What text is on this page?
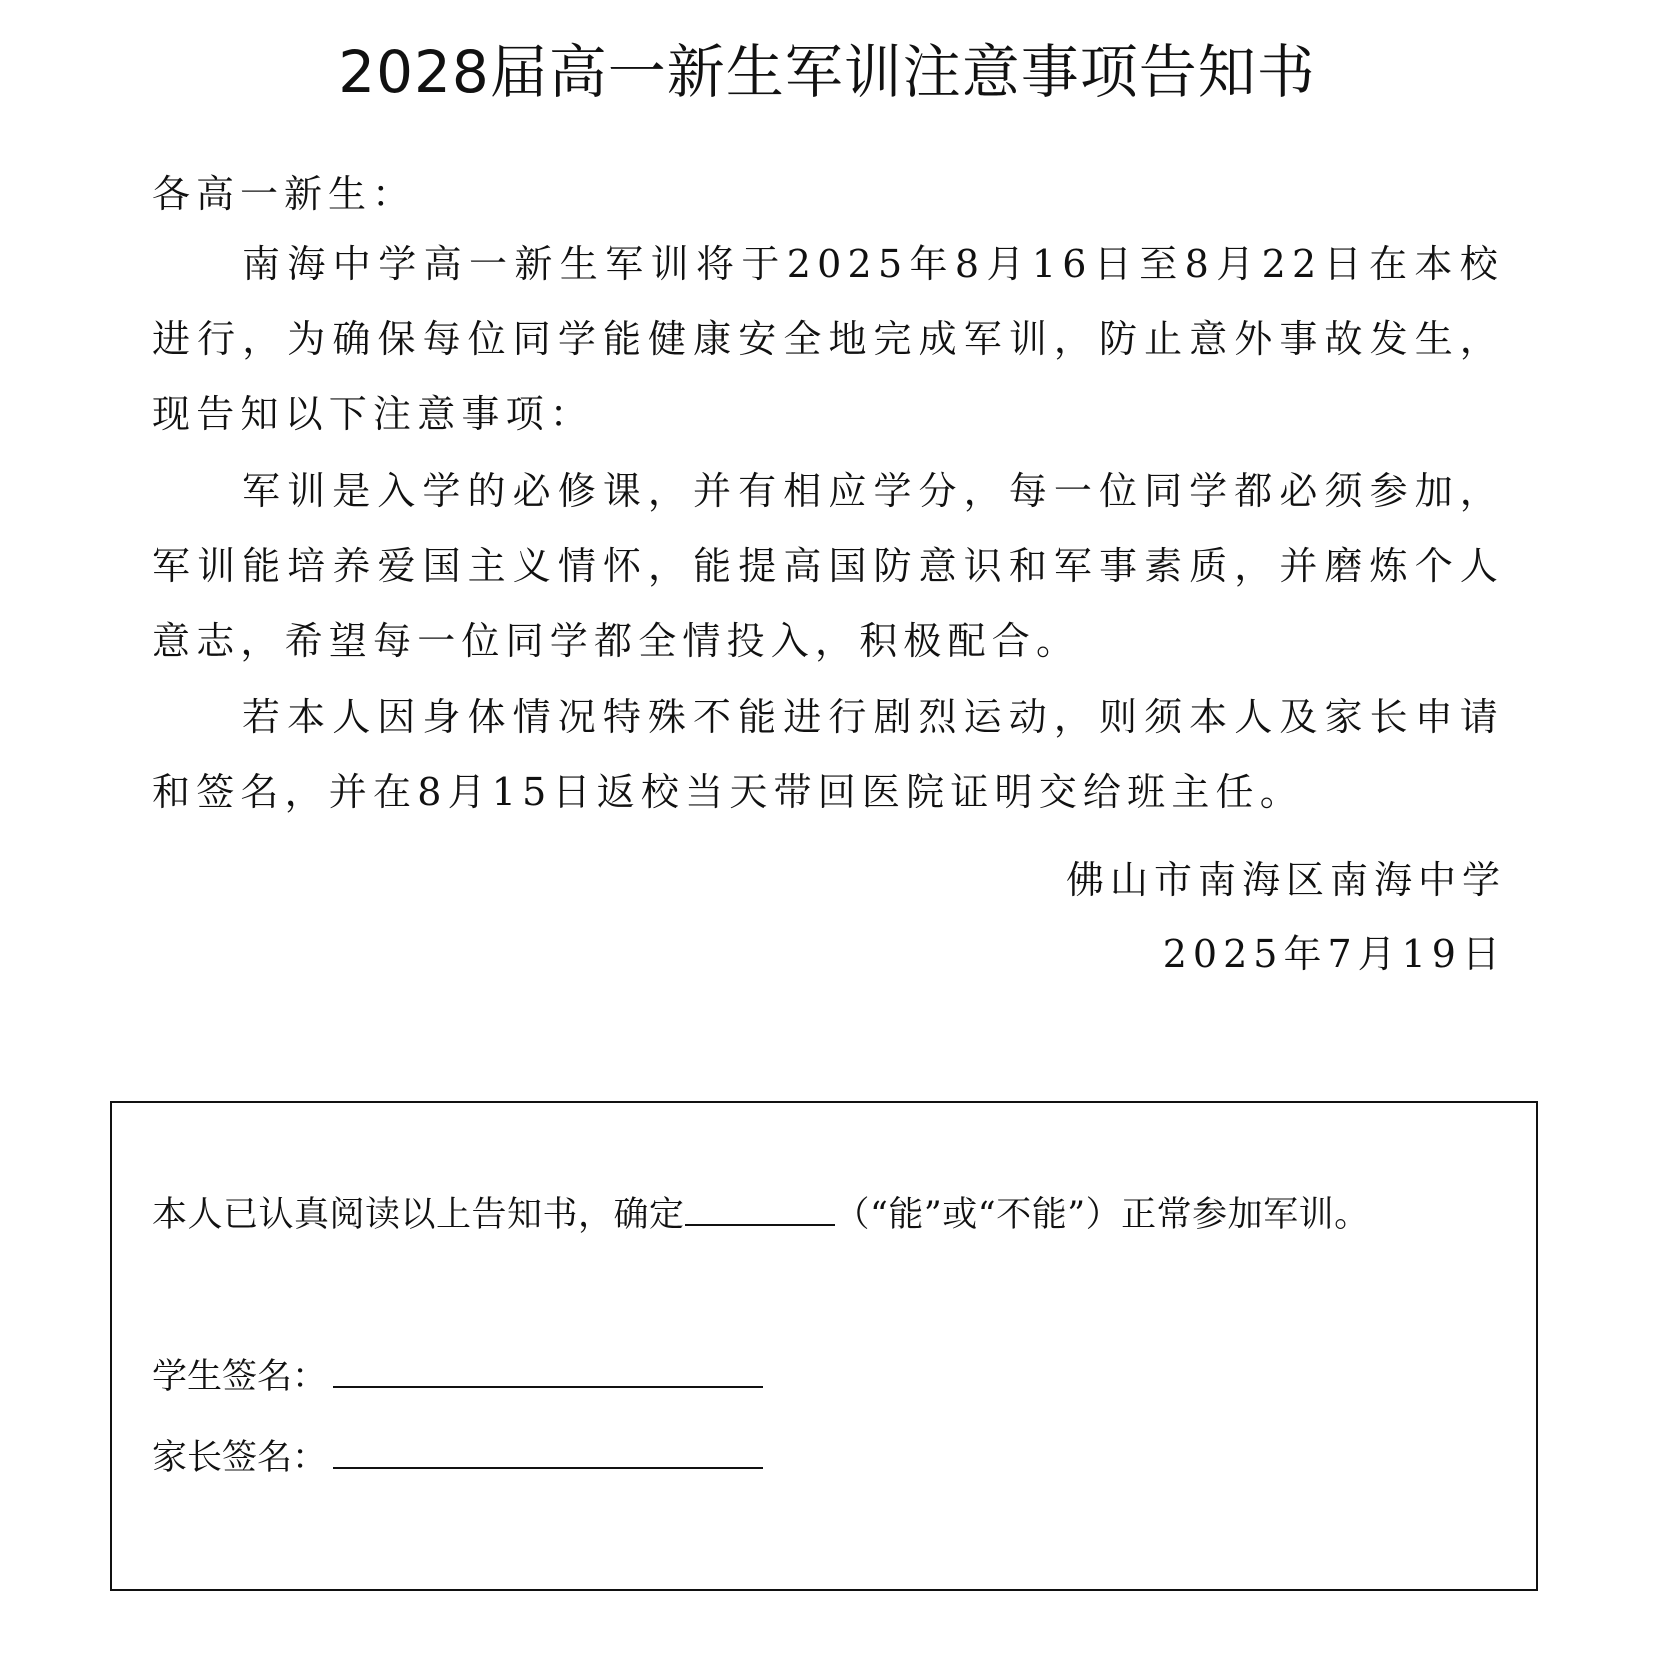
2028届高一新生军训注意事项告知书
各高一新生：

南海中学高一新生军训将于2025年8月16日至8月22日在本校进行，为确保每位同学能健康安全地完成军训，防止意外事故发生，现告知以下注意事项：

军训是入学的必修课，并有相应学分，每一位同学都必须参加，军训能培养爱国主义情怀，能提高国防意识和军事素质，并磨炼个人意志，希望每一位同学都全情投入，积极配合。

若本人因身体情况特殊不能进行剧烈运动，则须本人及家长申请和签名，并在8月15日返校当天带回医院证明交给班主任。

佛山市南海区南海中学
2025年7月19日
本人已认真阅读以上告知书，确定	（“能”或“不能”）正常参加军训。
学生签名：
家长签名：
